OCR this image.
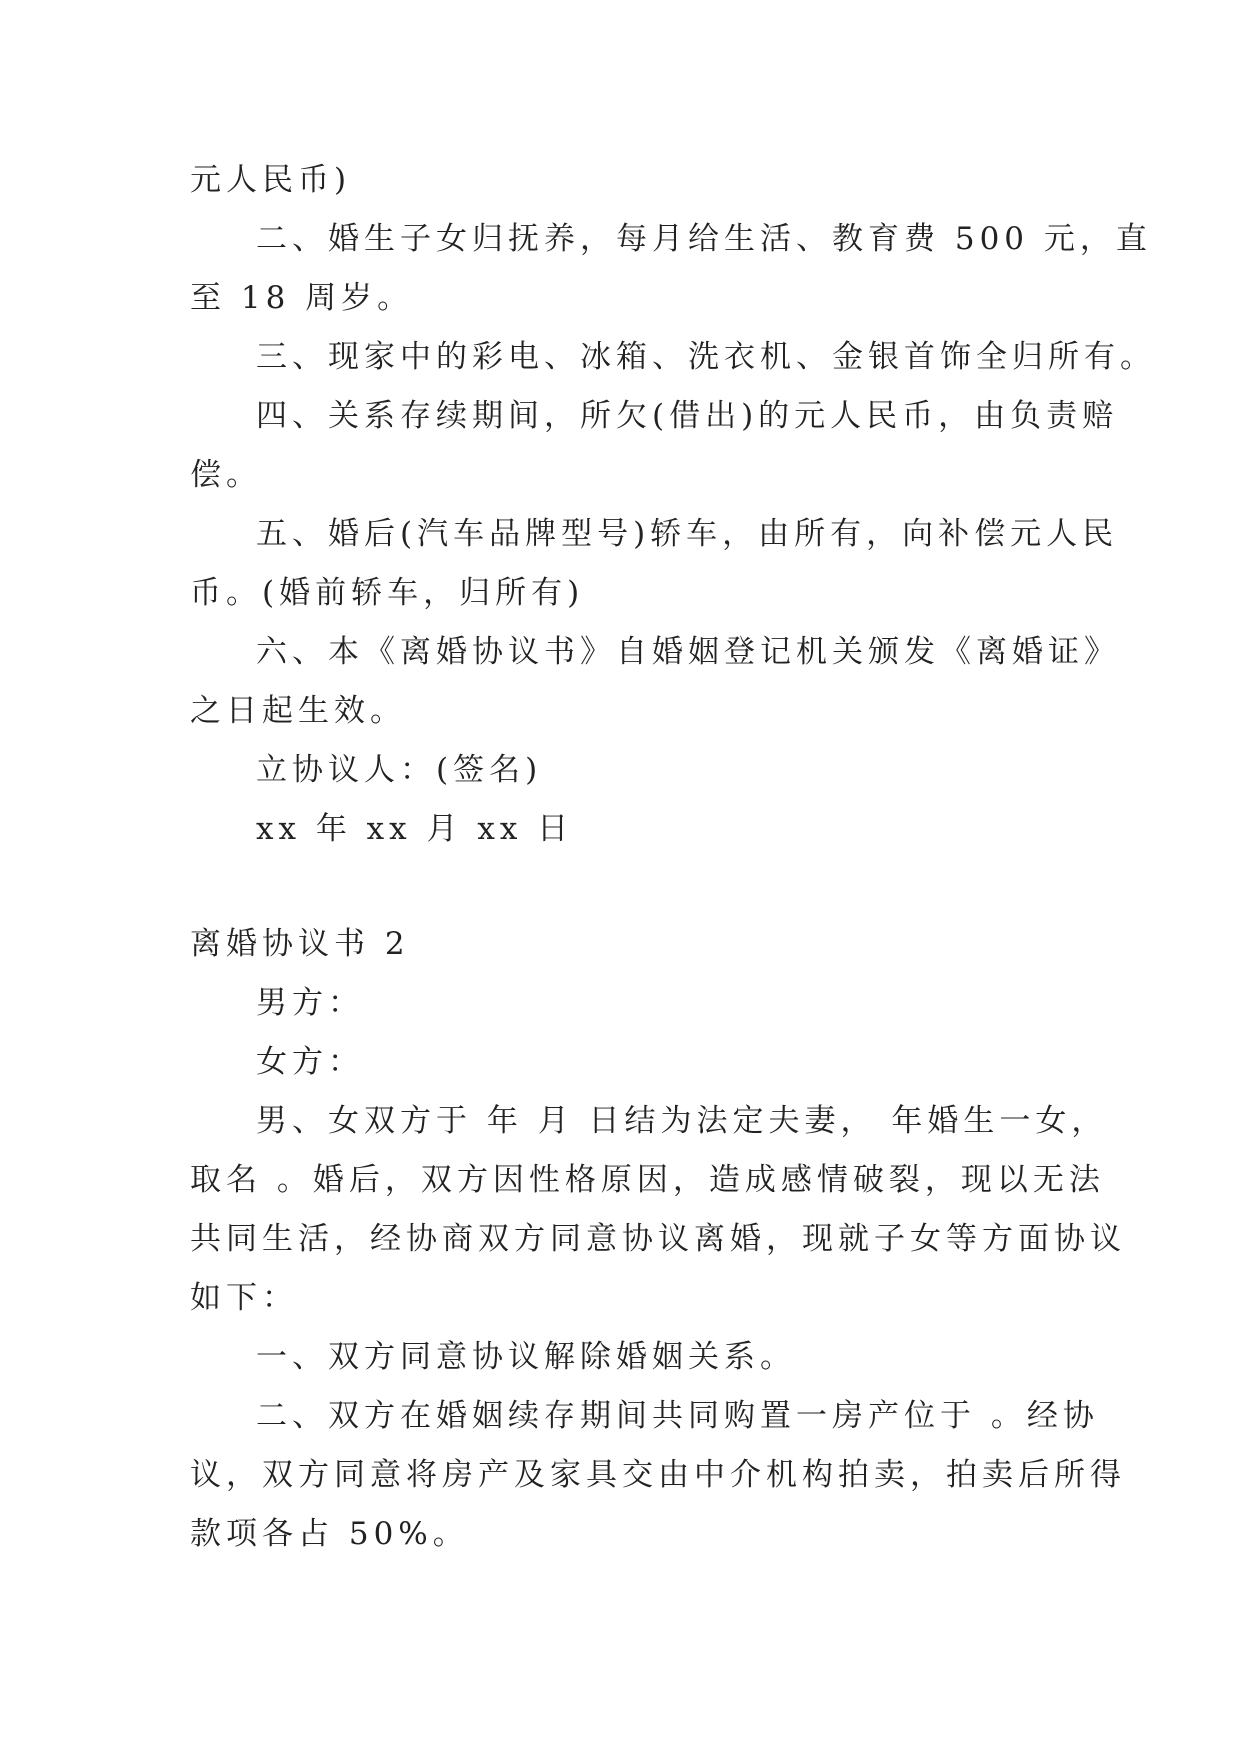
元人民币)

二、婚生子女归抚养，每月给生活、教育费 500 元，直

至 18 周岁。

三、现家中的彩电、冰箱、洗衣机、金银首饰全归所有。

四、关系存续期间，所欠(借出)的元人民币，由负责赔

偿。

五、婚后(汽车品牌型号)轿车，由所有，向补偿元人民

币。(婚前轿车，归所有)

六、本《离婚协议书》自婚姻登记机关颁发《离婚证》

之日起生效。

立协议人：(签名)

xx 年 xx 月 xx 日

离婚协议书 2

男方：

女方：

男、女双方于 年 月 日结为法定夫妻， 年婚生一女，

取名 。婚后，双方因性格原因，造成感情破裂，现以无法

共同生活，经协商双方同意协议离婚，现就子女等方面协议

如下：

一、双方同意协议解除婚姻关系。

二、双方在婚姻续存期间共同购置一房产位于 。经协

议，双方同意将房产及家具交由中介机构拍卖，拍卖后所得

款项各占 50%。
